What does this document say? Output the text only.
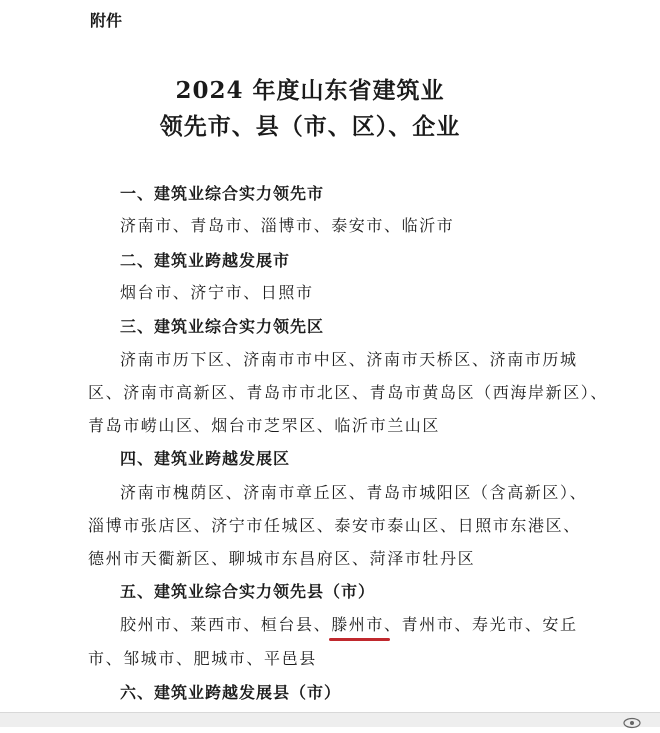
附件
2024 年度山东省建筑业
领先市、县（市、区）、企业
一、建筑业综合实力领先市
济南市、青岛市、淄博市、泰安市、临沂市
二、建筑业跨越发展市
烟台市、济宁市、日照市
三、建筑业综合实力领先区
济南市历下区、济南市市中区、济南市天桥区、济南市历城
区、济南市高新区、青岛市市北区、青岛市黄岛区（西海岸新区）、
青岛市崂山区、烟台市芝罘区、临沂市兰山区
四、建筑业跨越发展区
济南市槐荫区、济南市章丘区、青岛市城阳区（含高新区）、
淄博市张店区、济宁市任城区、泰安市泰山区、日照市东港区、
德州市天衢新区、聊城市东昌府区、菏泽市牡丹区
五、建筑业综合实力领先县（市）
胶州市、莱西市、桓台县、滕州市、青州市、寿光市、安丘
市、邹城市、肥城市、平邑县
六、建筑业跨越发展县（市）
